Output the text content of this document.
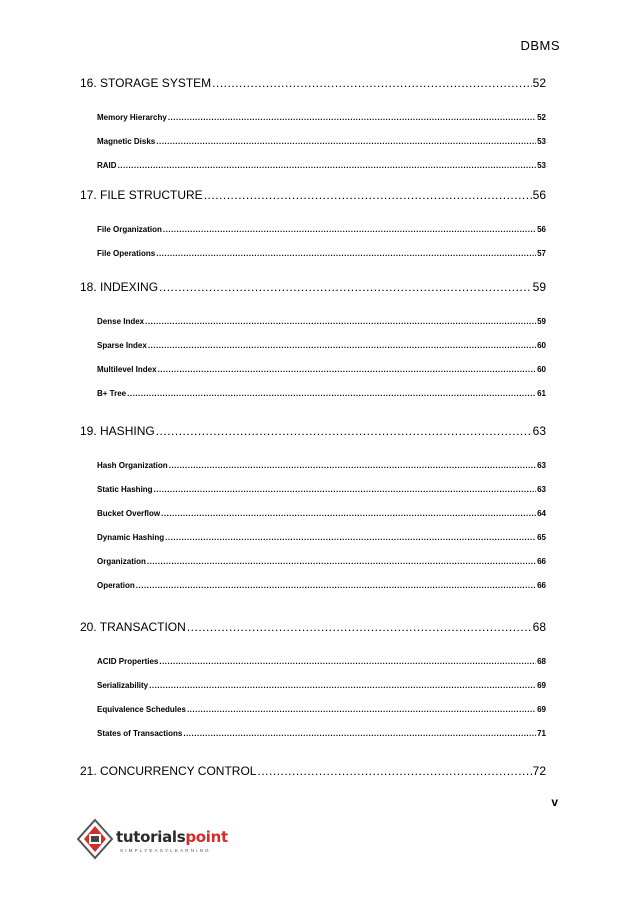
DBMS
16. STORAGE SYSTEM .....	52
Memory Hierarchy .....	52
Magnetic Disks .....	53
RAID .....	53
17. FILE STRUCTURE .....	56
File Organization .....	56
File Operations .....	57
18. INDEXING .....	59
Dense Index .....	59
Sparse Index .....	60
Multilevel Index .....	60
B+ Tree .....	61
19. HASHING .....	63
Hash Organization .....	63
Static Hashing .....	63
Bucket Overflow .....	64
Dynamic Hashing .....	65
Organization .....	66
Operation .....	66
20. TRANSACTION .....	68
ACID Properties .....	68
Serializability .....	69
Equivalence Schedules .....	69
States of Transactions .....	71
21. CONCURRENCY CONTROL .....	72
v
tutorialspoint
SIMPLYEASYLEARNING
